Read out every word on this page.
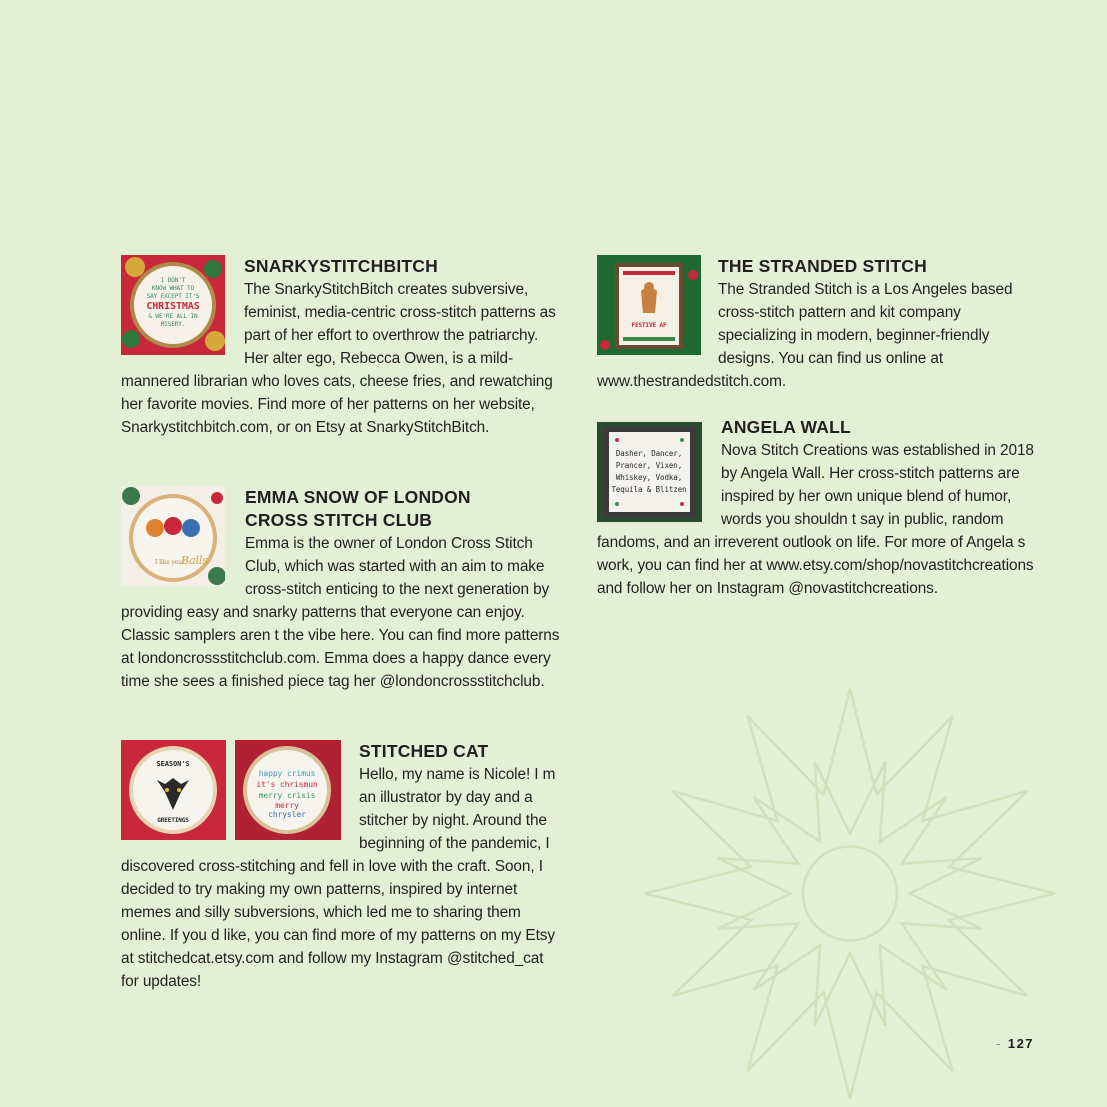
I DON'T
KNOW WHAT TO
SAY EXCEPT IT'S
CHRISTMAS
& WE'RE ALL IN
MISERY.
SNARKYSTITCHBITCH
The SnarkyStitchBitch creates subversive, feminist, media-centric cross-stitch patterns as part of her effort to overthrow the patriarchy. Her alter ego, Rebecca Owen, is a mild-mannered librarian who loves cats, cheese fries, and rewatching her favorite movies. Find more of her patterns on her website, Snarkystitchbitch.com, or on Etsy at SnarkyStitchBitch.
I like your
Balls
EMMA SNOW OF LONDON
CROSS STITCH CLUB
Emma is the owner of London Cross Stitch Club, which was started with an aim to make cross-stitch enticing to the next generation by providing easy and snarky patterns that everyone can enjoy. Classic samplers aren t the vibe here. You can find more patterns at londoncrossstitchclub.com. Emma does a happy dance every time she sees a finished piece tag her @londoncrossstitchclub.
SEASON'S
GREETINGS
happy crimus
it's chrismun
merry crisis
merry
chrysler
STITCHED CAT
Hello, my name is Nicole! I m an illustrator by day and a stitcher by night. Around the beginning of the pandemic, I discovered cross-stitching and fell in love with the craft. Soon, I decided to try making my own patterns, inspired by internet memes and silly subversions, which led me to sharing them online. If you d like, you can find more of my patterns on my Etsy at stitchedcat.etsy.com and follow my Instagram @stitched_cat for updates!
FESTIVE AF
THE STRANDED STITCH
The Stranded Stitch is a Los Angeles based cross-stitch pattern and kit company specializing in modern, beginner-friendly designs. You can find us online at www.thestrandedstitch.com.
Dasher, Dancer,
Prancer, Vixen,
Whiskey, Vodka,
Tequila & Blitzen
ANGELA WALL
Nova Stitch Creations was established in 2018 by Angela Wall. Her cross-stitch patterns are inspired by her own unique blend of humor, words you shouldn t say in public, random fandoms, and an irreverent outlook on life. For more of Angela s work, you can find her at www.etsy.com/shop/novastitchcreations and follow her on Instagram @novastitchcreations.
- 127
